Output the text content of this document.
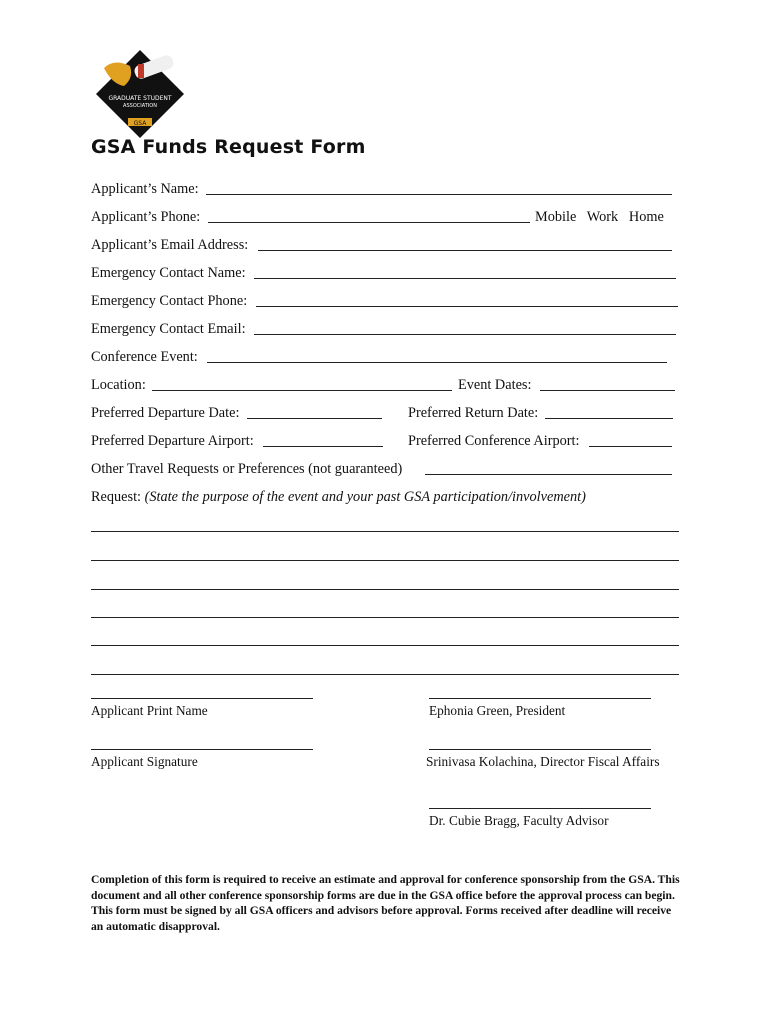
GRADUATE STUDENT
ASSOCIATION
GSA
GSA Funds Request Form
Applicant’s Name:
Applicant’s Phone:	Mobile   Work   Home
Applicant’s Email Address:
Emergency Contact Name:
Emergency Contact Phone:
Emergency Contact Email:
Conference Event:
Location:	Event Dates:
Preferred Departure Date:	Preferred Return Date:
Preferred Departure Airport:	Preferred Conference Airport:
Other Travel Requests or Preferences (not guaranteed)
Request: (State the purpose of the event and your past GSA participation/involvement)
Applicant Print Name	Ephonia Green, President
Applicant Signature	Srinivasa Kolachina, Director Fiscal Affairs
Dr. Cubie Bragg, Faculty Advisor
Completion of this form is required to receive an estimate and approval for conference sponsorship from the GSA. This document and all other conference sponsorship forms are due in the GSA office before the approval process can begin. This form must be signed by all GSA officers and advisors before approval. Forms received after deadline will receive an automatic disapproval.
